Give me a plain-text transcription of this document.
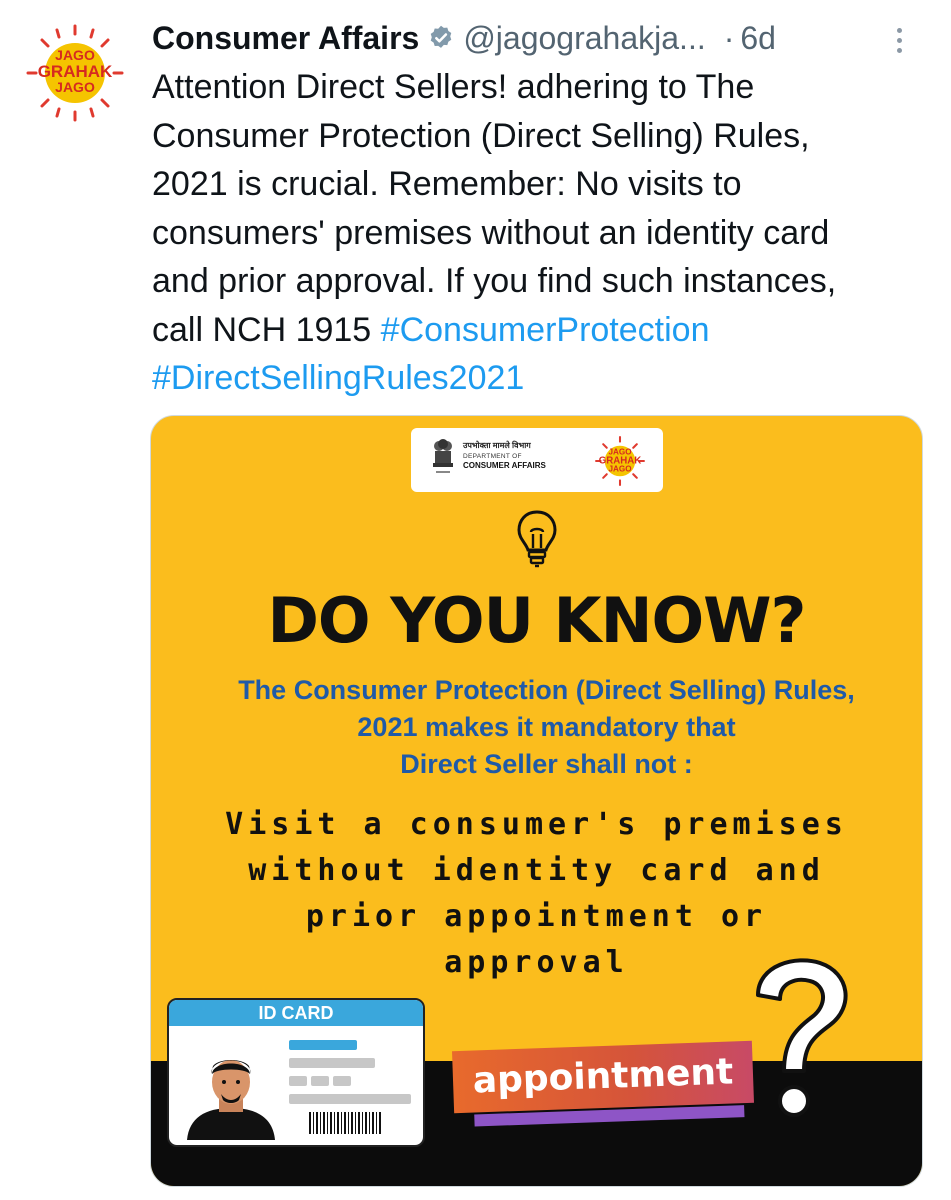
JAGO
GRAHAK
JAGO
Consumer Affairs @jagograhakja... · 6d
Attention Direct Sellers! adhering to The
Consumer Protection (Direct Selling) Rules,
2021 is crucial. Remember: No visits to
consumers' premises without an identity card
and prior approval. If you find such instances,
call NCH 1915 #ConsumerProtection
#DirectSellingRules2021
उपभोक्ता मामले विभाग
DEPARTMENT OF
CONSUMER AFFAIRS
JAGO
GRAHAK
JAGO
DO YOU KNOW?
The Consumer Protection (Direct Selling) Rules,
2021 makes it mandatory that
Direct Seller shall not :
Visit a consumer's premises
without identity card and
prior appointment or
approval
ID CARD
appointment
